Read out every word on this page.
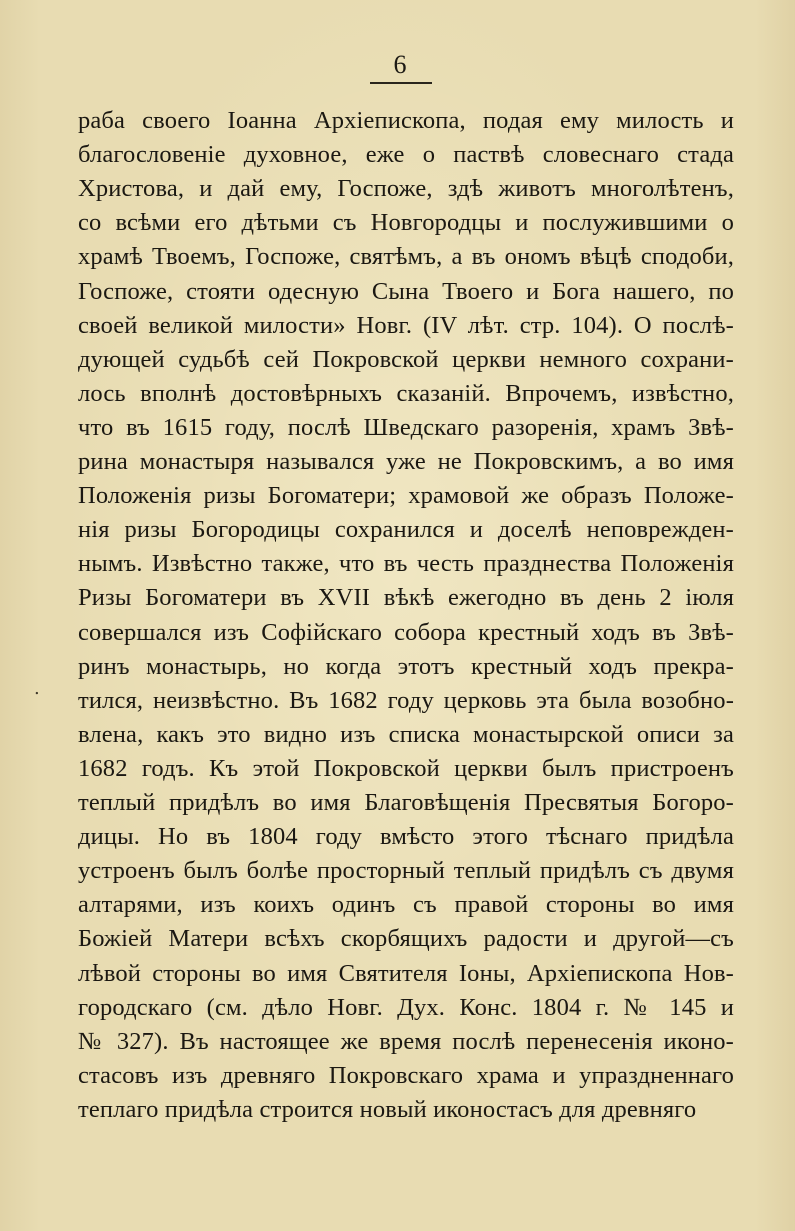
6
.
раба своего Іоанна Архіепископа, подая ему милость и
благословеніе духовное, еже о паствѣ словеснаго стада
Христова, и дай ему, Госпоже, здѣ животъ многолѣтенъ,
со всѣми его дѣтьми съ Новгородцы и послужившими о
храмѣ Твоемъ, Госпоже, святѣмъ, а въ ономъ вѣцѣ сподоби,
Госпоже, стояти одесную Сына Твоего и Бога нашего, по
своей великой милости» Новг. (IV лѣт. стр. 104). О послѣ-
дующей судьбѣ сей Покровской церкви немного сохрани-
лось вполнѣ достовѣрныхъ сказаній. Впрочемъ, извѣстно,
что въ 1615 году, послѣ Шведскаго разоренія, храмъ Звѣ-
рина монастыря назывался уже не Покровскимъ, а во имя
Положенія ризы Богоматери; храмовой же образъ Положе-
нія ризы Богородицы сохранился и доселѣ неповрежден-
нымъ. Извѣстно также, что въ честь празднества Положенія
Ризы Богоматери въ XVII вѣкѣ ежегодно въ день 2 іюля
совершался изъ Софійскаго собора крестный ходъ въ Звѣ-
ринъ монастырь, но когда этотъ крестный ходъ прекра-
тился, неизвѣстно. Въ 1682 году церковь эта была возобно-
влена, какъ это видно изъ списка монастырской описи за
1682 годъ. Къ этой Покровской церкви былъ пристроенъ
теплый придѣлъ во имя Благовѣщенія Пресвятыя Богоро-
дицы. Но въ 1804 году вмѣсто этого тѣснаго придѣла
устроенъ былъ болѣе просторный теплый придѣлъ съ двумя
алтарями, изъ коихъ одинъ съ правой стороны во имя
Божіей Матери всѣхъ скорбящихъ радости и другой—съ
лѣвой стороны во имя Святителя Іоны, Архіепископа Нов-
городскаго (см. дѣло Новг. Дух. Конс. 1804 г. № 145 и
№ 327). Въ настоящее же время послѣ перенесенія иконо-
стасовъ изъ древняго Покровскаго храма и упраздненнаго
теплаго придѣла строится новый иконостасъ для древняго
